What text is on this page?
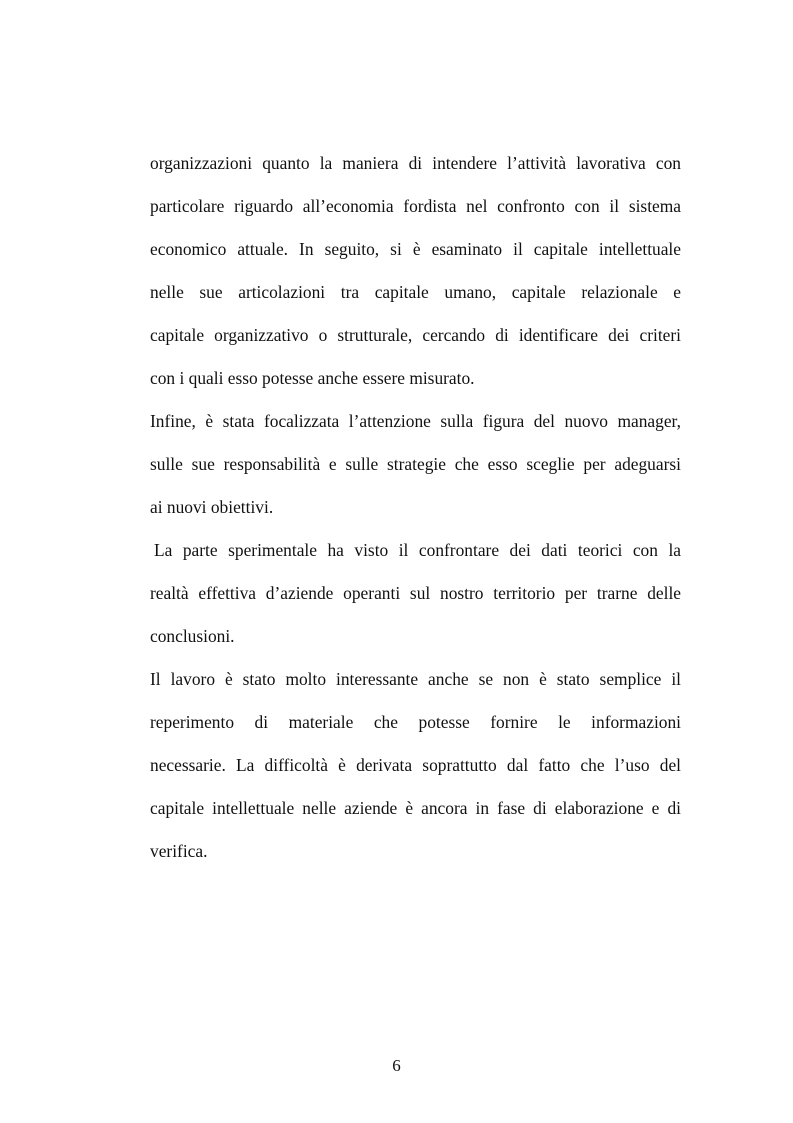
organizzazioni quanto la maniera di intendere l’attività lavorativa con
particolare riguardo all’economia fordista nel confronto con il sistema
economico attuale. In seguito, si è esaminato il capitale intellettuale
nelle sue articolazioni tra capitale umano, capitale relazionale e
capitale organizzativo o strutturale, cercando di identificare dei criteri
con i quali esso potesse anche essere misurato.
Infine, è stata focalizzata l’attenzione sulla figura del nuovo manager,
sulle sue responsabilità e sulle strategie che esso sceglie per adeguarsi
ai nuovi obiettivi.
La parte sperimentale ha visto il confrontare dei dati teorici con la
realtà effettiva d’aziende operanti sul nostro territorio per trarne delle
conclusioni.
Il lavoro è stato molto interessante anche se non è stato semplice il
reperimento di materiale che potesse fornire le informazioni
necessarie. La difficoltà è derivata soprattutto dal fatto che l’uso del
capitale intellettuale nelle aziende è ancora in fase di elaborazione e di
verifica.
6
